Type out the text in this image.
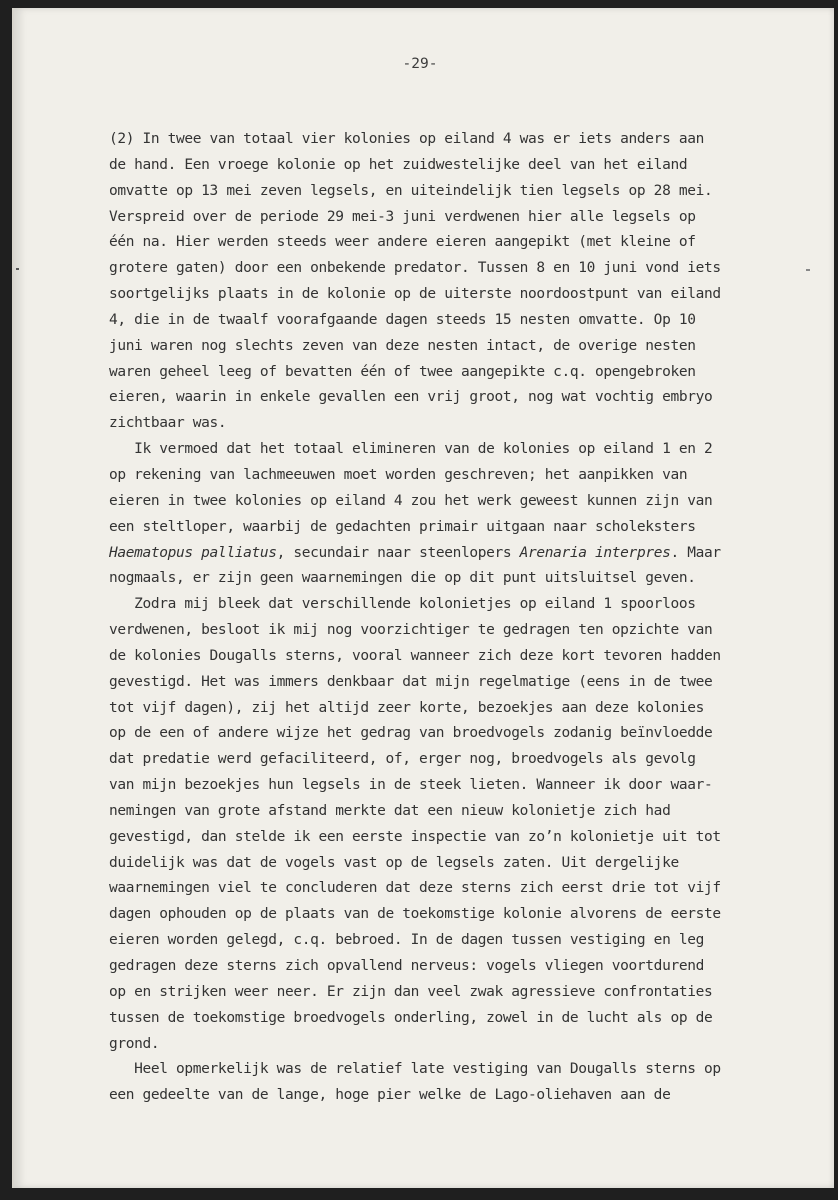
-29-
(2) In twee van totaal vier kolonies op eiland 4 was er iets anders aan
de hand. Een vroege kolonie op het zuidwestelijke deel van het eiland
omvatte op 13 mei zeven legsels, en uiteindelijk tien legsels op 28 mei.
Verspreid over de periode 29 mei-3 juni verdwenen hier alle legsels op
één na. Hier werden steeds weer andere eieren aangepikt (met kleine of
grotere gaten) door een onbekende predator. Tussen 8 en 10 juni vond iets
soortgelijks plaats in de kolonie op de uiterste noordoostpunt van eiland
4, die in de twaalf voorafgaande dagen steeds 15 nesten omvatte. Op 10
juni waren nog slechts zeven van deze nesten intact, de overige nesten
waren geheel leeg of bevatten één of twee aangepikte c.q. opengebroken
eieren, waarin in enkele gevallen een vrij groot, nog wat vochtig embryo
zichtbaar was.
Ik vermoed dat het totaal elimineren van de kolonies op eiland 1 en 2
op rekening van lachmeeuwen moet worden geschreven; het aanpikken van
eieren in twee kolonies op eiland 4 zou het werk geweest kunnen zijn van
een steltloper, waarbij de gedachten primair uitgaan naar scholeksters
Haematopus palliatus, secundair naar steenlopers Arenaria interpres. Maar
nogmaals, er zijn geen waarnemingen die op dit punt uitsluitsel geven.
Zodra mij bleek dat verschillende kolonietjes op eiland 1 spoorloos
verdwenen, besloot ik mij nog voorzichtiger te gedragen ten opzichte van
de kolonies Dougalls sterns, vooral wanneer zich deze kort tevoren hadden
gevestigd. Het was immers denkbaar dat mijn regelmatige (eens in de twee
tot vijf dagen), zij het altijd zeer korte, bezoekjes aan deze kolonies
op de een of andere wijze het gedrag van broedvogels zodanig beïnvloedde
dat predatie werd gefaciliteerd, of, erger nog, broedvogels als gevolg
van mijn bezoekjes hun legsels in de steek lieten. Wanneer ik door waar-
nemingen van grote afstand merkte dat een nieuw kolonietje zich had
gevestigd, dan stelde ik een eerste inspectie van zo’n kolonietje uit tot
duidelijk was dat de vogels vast op de legsels zaten. Uit dergelijke
waarnemingen viel te concluderen dat deze sterns zich eerst drie tot vijf
dagen ophouden op de plaats van de toekomstige kolonie alvorens de eerste
eieren worden gelegd, c.q. bebroed. In de dagen tussen vestiging en leg
gedragen deze sterns zich opvallend nerveus: vogels vliegen voortdurend
op en strijken weer neer. Er zijn dan veel zwak agressieve confrontaties
tussen de toekomstige broedvogels onderling, zowel in de lucht als op de
grond.
Heel opmerkelijk was de relatief late vestiging van Dougalls sterns op
een gedeelte van de lange, hoge pier welke de Lago-oliehaven aan de
